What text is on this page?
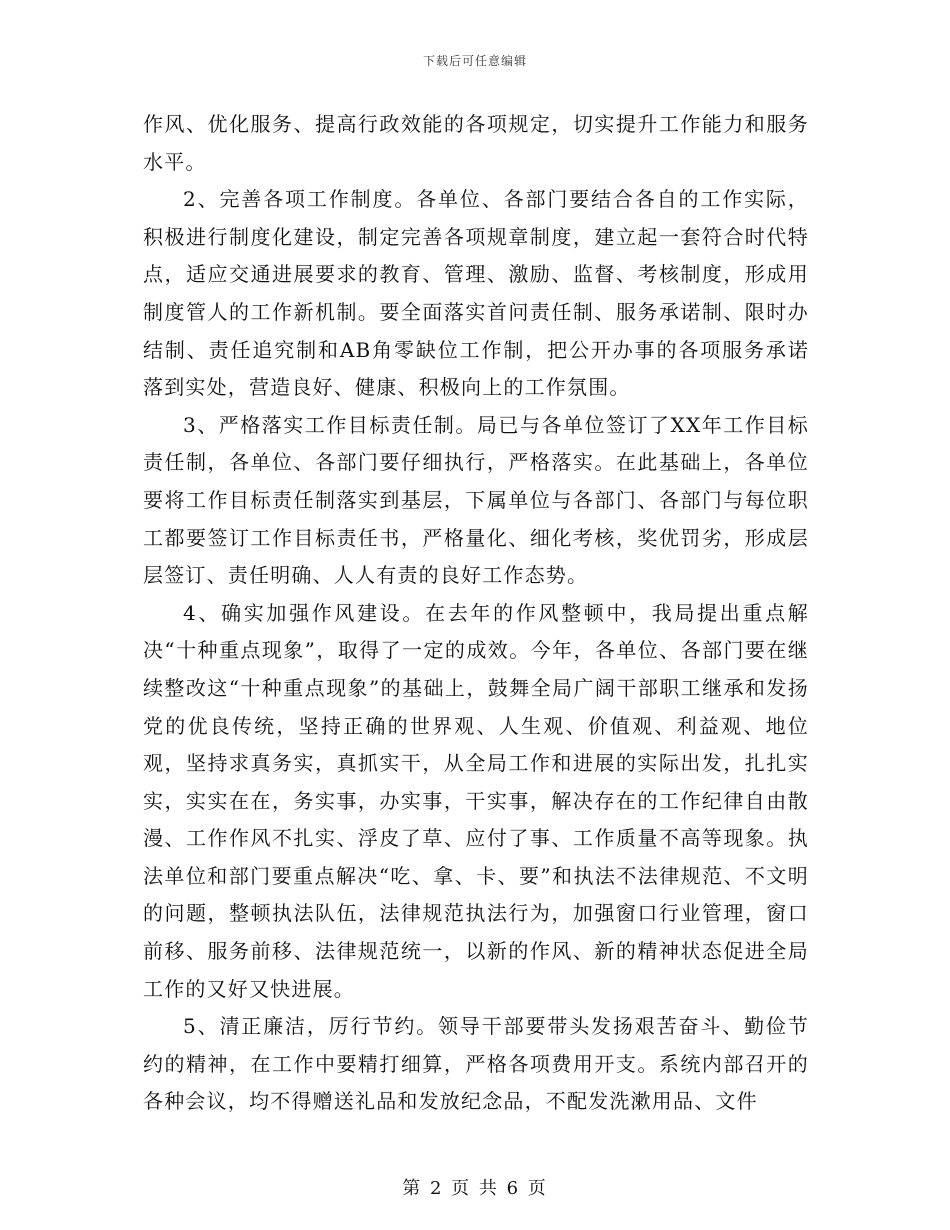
下载后可任意编辑

作风、优化服务、提高行政效能的各项规定，切实提升工作能力和服务水平。

2、完善各项工作制度。各单位、各部门要结合各自的工作实际，积极进行制度化建设，制定完善各项规章制度，建立起一套符合时代特点，适应交通进展要求的教育、管理、激励、监督、考核制度，形成用制度管人的工作新机制。要全面落实首问责任制、服务承诺制、限时办结制、责任追究制和AB角零缺位工作制，把公开办事的各项服务承诺落到实处，营造良好、健康、积极向上的工作氛围。

3、严格落实工作目标责任制。局已与各单位签订了XX年工作目标责任制，各单位、各部门要仔细执行，严格落实。在此基础上，各单位要将工作目标责任制落实到基层，下属单位与各部门、各部门与每位职工都要签订工作目标责任书，严格量化、细化考核，奖优罚劣，形成层层签订、责任明确、人人有责的良好工作态势。

4、确实加强作风建设。在去年的作风整顿中，我局提出重点解决“十种重点现象”，取得了一定的成效。今年，各单位、各部门要在继续整改这“十种重点现象”的基础上，鼓舞全局广阔干部职工继承和发扬党的优良传统，坚持正确的世界观、人生观、价值观、利益观、地位观，坚持求真务实，真抓实干，从全局工作和进展的实际出发，扎扎实实，实实在在，务实事，办实事，干实事，解决存在的工作纪律自由散漫、工作作风不扎实、浮皮了草、应付了事、工作质量不高等现象。执法单位和部门要重点解决“吃、拿、卡、要”和执法不法律规范、不文明的问题，整顿执法队伍，法律规范执法行为，加强窗口行业管理，窗口前移、服务前移、法律规范统一，以新的作风、新的精神状态促进全局工作的又好又快进展。

5、清正廉洁，厉行节约。领导干部要带头发扬艰苦奋斗、勤俭节约的精神，在工作中要精打细算，严格各项费用开支。系统内部召开的各种会议，均不得赠送礼品和发放纪念品，不配发洗漱用品、文件

第 2 页 共 6 页
